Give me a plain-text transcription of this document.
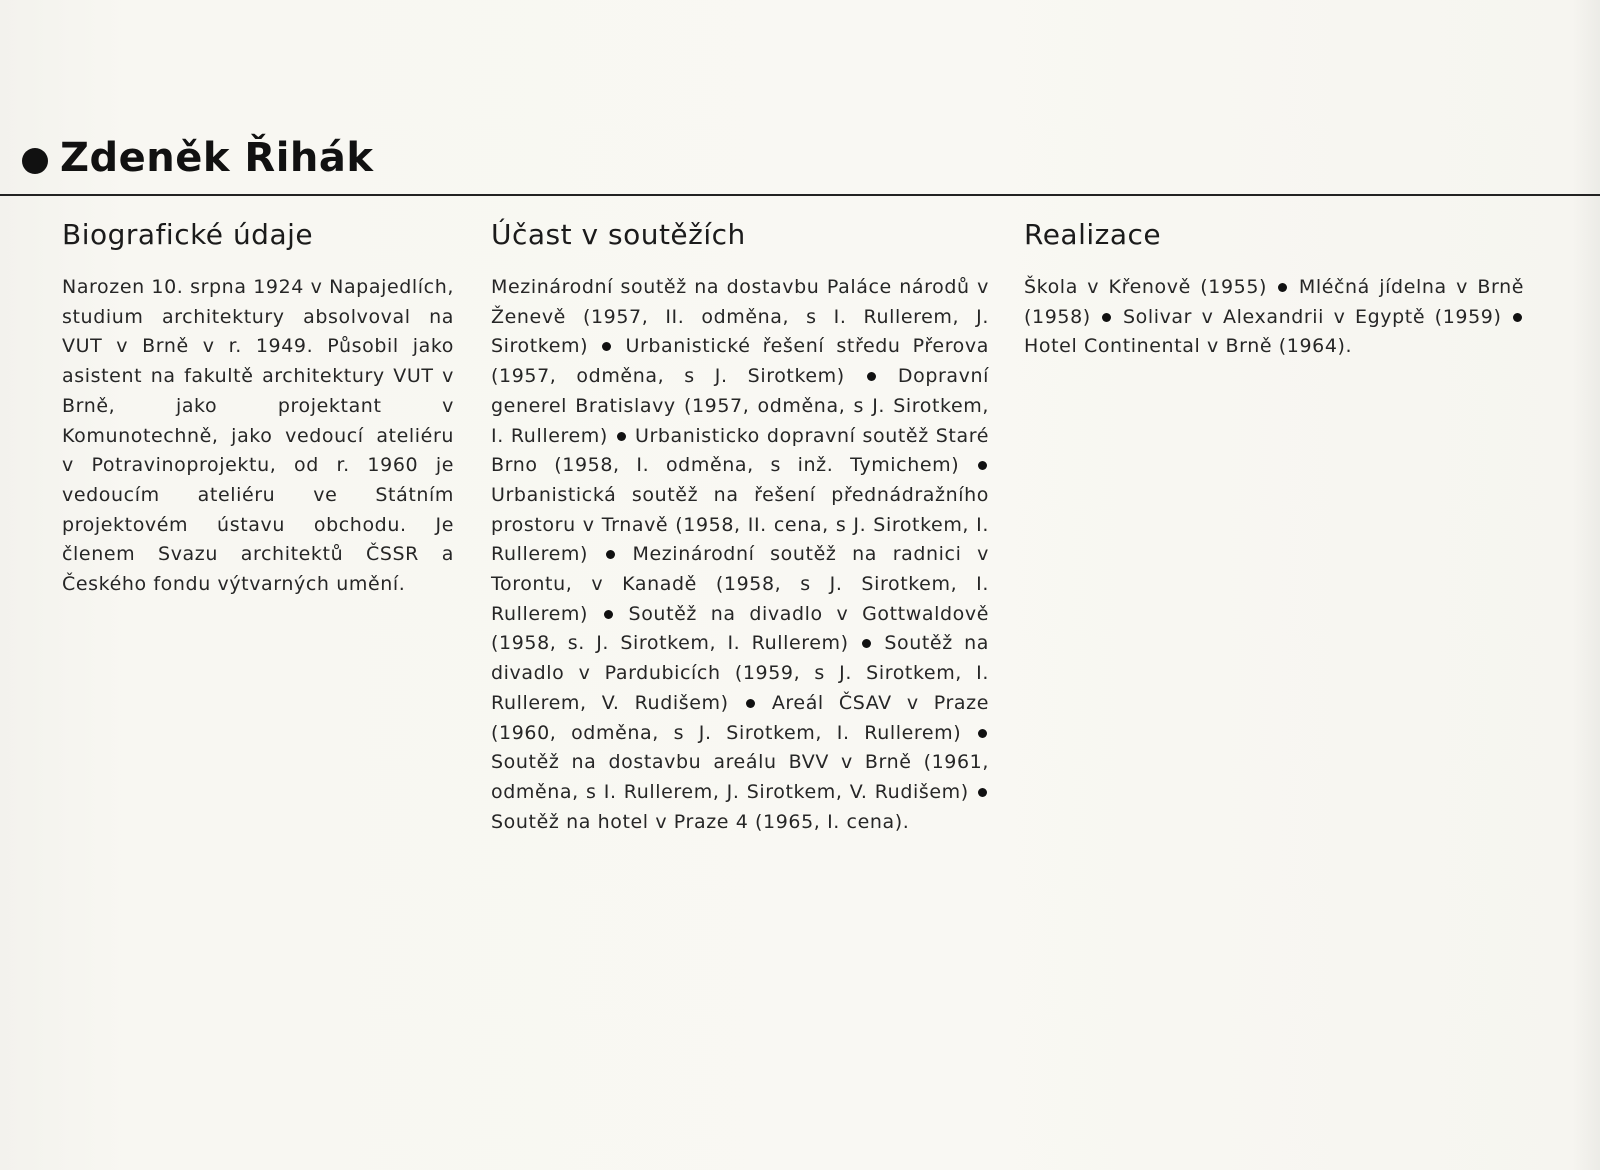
Zdeněk Řihák
Biografické údaje

Narozen 10. srpna 1924 v Napajedlích, studium architektury absolvoval na VUT v Brně v r. 1949. Působil jako asistent na fakultě architektury VUT v Brně, jako projektant v Komunotechně, jako vedoucí ateliéru v Potravinoprojektu, od r. 1960 je vedoucím ateliéru ve Státním projektovém ústavu obchodu. Je členem Svazu architektů ČSSR a Českého fondu výtvarných umění.

Účast v soutěžích

Mezinárodní soutěž na dostavbu Paláce národů v Ženevě (1957, II. odměna, s I. Rullerem, J. Sirotkem) Urbanistické řešení středu Přerova (1957, odměna, s J. Sirotkem)	Dopravní generel Bratislavy (1957, odměna, s J. Sirotkem, I. Rullerem) Urbanisticko dopravní soutěž Staré Brno (1958, I. odměna, s inž. Tymichem)  Urbanistická soutěž na řešení přednádražního prostoru v Trnavě (1958, II. cena, s J. Sirotkem, I. Rullerem) Mezinárodní soutěž na radnici v Torontu, v Kanadě (1958, s J. Sirotkem, I. Rullerem) Soutěž na divadlo v Gottwaldově (1958, s. J. Sirotkem, I. Rullerem) Soutěž na divadlo v Pardubicích (1959, s J. Sirotkem, I. Rullerem, V. Rudišem) Areál ČSAV v Praze (1960, odměna, s J. Sirotkem, I. Rullerem)  Soutěž na dostavbu areálu BVV v Brně (1961, odměna, s I. Rullerem, J. Sirotkem, V. Rudišem)  Soutěž na hotel v Praze 4 (1965, I. cena).

Realizace

Škola v Křenově (1955) Mléčná jídelna v Brně (1958) Solivar v Alexandrii v Egyptě (1959)  Hotel Continental v Brně (1964).
